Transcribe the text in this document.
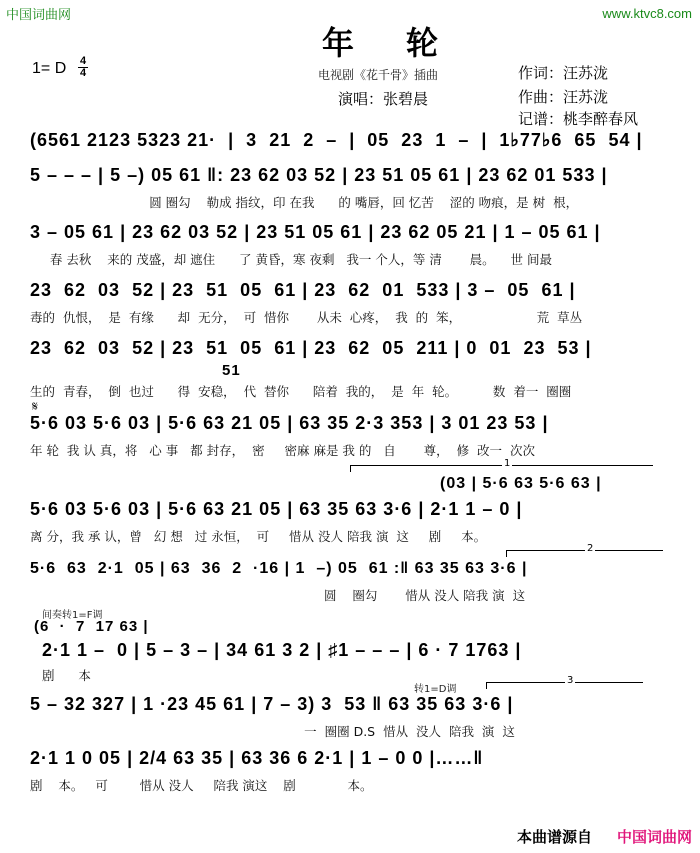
中国词曲网	www.ktvc8.com
年轮
1= D 4
4	电视剧《花千骨》插曲
演唱：张碧晨
作词：汪苏泷
作曲：汪苏泷
记谱：桃李醉春风
(6561 2123 5323 21·  |  3  21  2  –  |  05  23  1  –  |  1♭77♭6  65  54 |
5 – – – | 5 –) 05 61 ‖: 23 62 03 52 | 23 51 05 61 | 23 62 01 533 |
圆 圈勾    勒成 指纹，印 在我      的 嘴唇，回 忆苦    涩的 吻痕，是 树  根，
3 – 05 61 | 23 62 03 52 | 23 51 05 61 | 23 62 05 21 | 1 – 05 61 |
春 去秋    来的 茂盛，却 遮住      了 黄昏，寒 夜剩   我一 个人，等 清       晨。    世 间最
23  62  03  52 | 23  51  05  61 | 23  62  01  533 | 3 –  05  61 |
毒的  仇恨，  是  有缘      却  无分，  可  惜你       从未  心疼，  我  的  笨，                   荒  草丛
23  62  03  52 | 23  51  05  61 | 23  62  05  211 | 0  01  23  53 |
51
生的  青春，  倒  也过      得  安稳，  代  替你      陪着  我的，  是  年  轮。         数  着一  圈圈
𝄋
5·6 03 5·6 03 | 5·6 63 21 05 | 63 35 2·3 353 | 3 01 23 53 |
年 轮  我 认 真，将   心 事   都 封存，  密     密麻 麻是 我 的   自       尊，  修  改一  次次
1
(03 | 5·6 63 5·6 63 |
5·6 03 5·6 03 | 5·6 63 21 05 | 63 35 63 3·6 | 2·1 1 – 0 |
离 分，我 承 认，曾   幻 想   过 永恒，  可     惜从 没人 陪我 演  这     剧     本。
2
5·6  63  2·1  05 | 63  36  2  ·16 | 1  –) 05  61 :‖ 63 35 63 3·6 |
圆    圈勾       惜从 没人 陪我 演  这
间奏转1=F调
(6  ·  7  17 63 |
2·1 1 –  0 | 5 – 3 – | 34 61 3 2 | ♯1 – – – | 6 · 7 1763 |
剧      本
转1=D调
3
5 – 32 327 | 1 ·23 45 61 | 7 – 3) 3  53 ‖ 63 35 63 3·6 |
一  圈圈 D.S  惜从  没人  陪我  演  这
2·1 1 0 05 | 2/4 63 35 | 63 36 6 2·1 | 1 – 0 0 |……‖
剧    本。   可        惜从 没人     陪我 演这    剧             本。
本曲谱源自 中国词曲网
